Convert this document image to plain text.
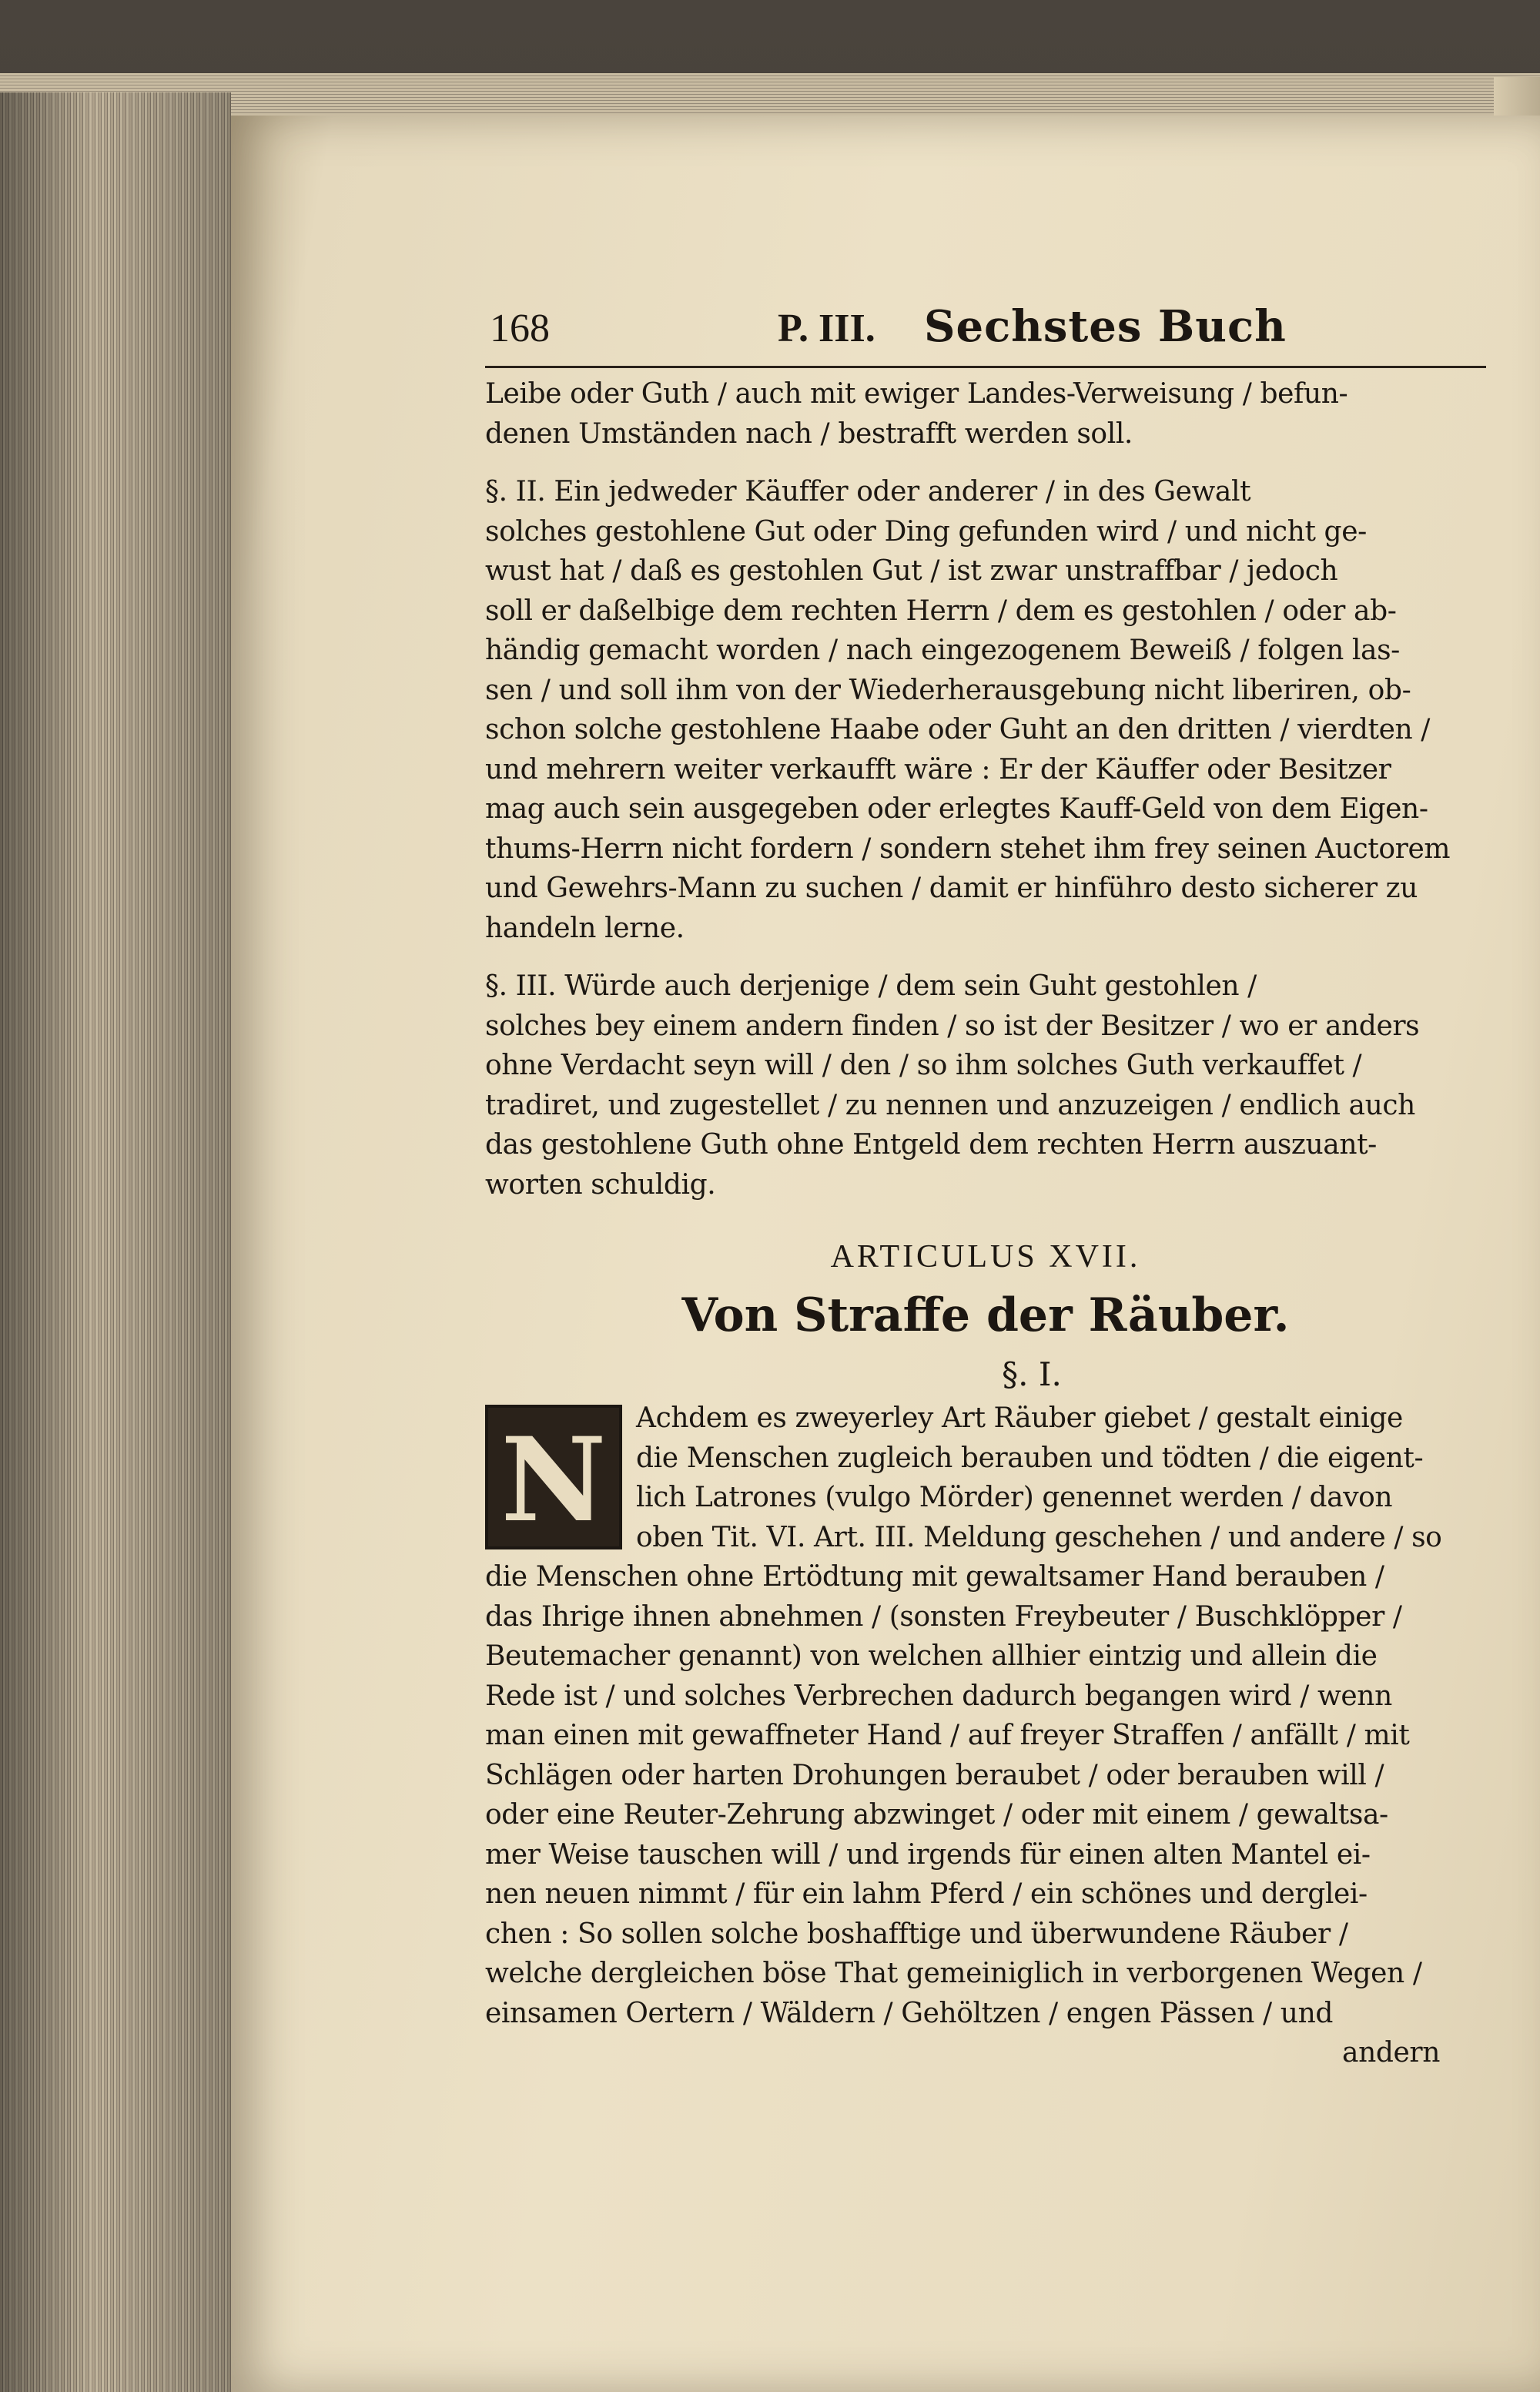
168	P. III. Sechstes Buch
Leibe oder Guth / auch mit ewiger Landes-Verweisung / befun-
denen Umständen nach / bestrafft werden soll.
§. II. Ein jedweder Käuffer oder anderer / in des Gewalt
solches gestohlene Gut oder Ding gefunden wird / und nicht ge-
wust hat / daß es gestohlen Gut / ist zwar unstraffbar / jedoch
soll er daßelbige dem rechten Herrn / dem es gestohlen / oder ab-
händig gemacht worden / nach eingezogenem Beweiß / folgen las-
sen / und soll ihm von der Wiederherausgebung nicht liberiren, ob-
schon solche gestohlene Haabe oder Guht an den dritten / vierdten /
und mehrern weiter verkaufft wäre : Er der Käuffer oder Besitzer
mag auch sein ausgegeben oder erlegtes Kauff-Geld von dem Eigen-
thums-Herrn nicht fordern / sondern stehet ihm frey seinen Auctorem
und Gewehrs-Mann zu suchen / damit er hinführo desto sicherer zu
handeln lerne.
§. III. Würde auch derjenige / dem sein Guht gestohlen /
solches bey einem andern finden / so ist der Besitzer / wo er anders
ohne Verdacht seyn will / den / so ihm solches Guth verkauffet /
tradiret, und zugestellet / zu nennen und anzuzeigen / endlich auch
das gestohlene Guth ohne Entgeld dem rechten Herrn auszuant-
worten schuldig.
ARTICULUS XVII.
Von Straffe der Räuber.
§. I.
N	Achdem es zweyerley Art Räuber giebet / gestalt einige
die Menschen zugleich berauben und tödten / die eigent-
lich Latrones (vulgo Mörder) genennet werden / davon
oben Tit. VI. Art. III. Meldung geschehen / und andere / so
die Menschen ohne Ertödtung mit gewaltsamer Hand berauben /
das Ihrige ihnen abnehmen / (sonsten Freybeuter / Buschklöpper /
Beutemacher genannt) von welchen allhier eintzig und allein die
Rede ist / und solches Verbrechen dadurch begangen wird / wenn
man einen mit gewaffneter Hand / auf freyer Straffen / anfällt / mit
Schlägen oder harten Drohungen beraubet / oder berauben will /
oder eine Reuter-Zehrung abzwinget / oder mit einem / gewaltsa-
mer Weise tauschen will / und irgends für einen alten Mantel ei-
nen neuen nimmt / für ein lahm Pferd / ein schönes und derglei-
chen : So sollen solche boshafftige und überwundene Räuber /
welche dergleichen böse That gemeiniglich in verborgenen Wegen /
einsamen Oertern / Wäldern / Gehöltzen / engen Pässen / und
andern
